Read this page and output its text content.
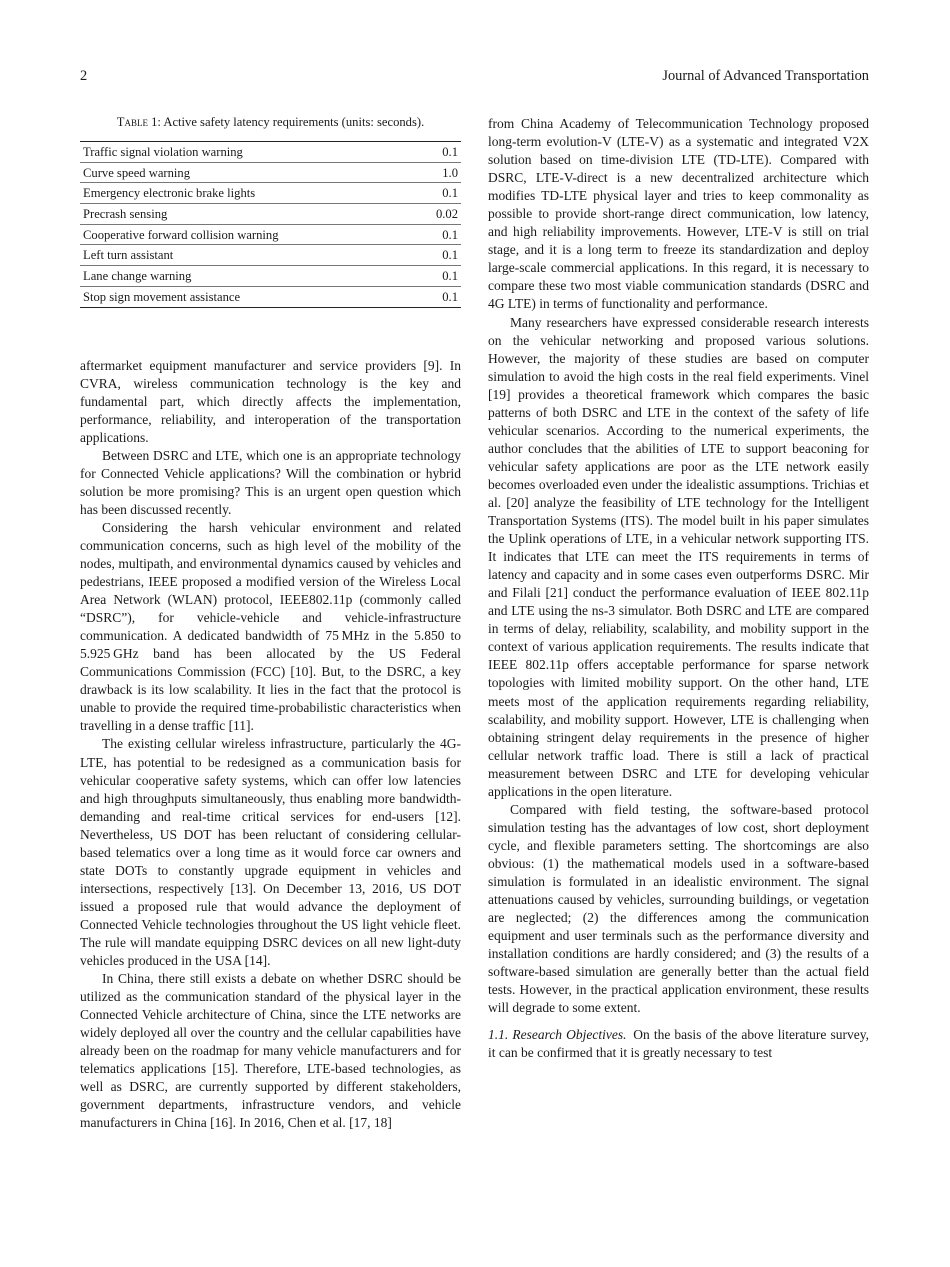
2	Journal of Advanced Transportation
Table 1: Active safety latency requirements (units: seconds).
Traffic signal violation warning	0.1
Curve speed warning	1.0
Emergency electronic brake lights	0.1
Precrash sensing	0.02
Cooperative forward collision warning	0.1
Left turn assistant	0.1
Lane change warning	0.1
Stop sign movement assistance	0.1

aftermarket equipment manufacturer and service providers [9]. In CVRA, wireless communication technology is the key and fundamental part, which directly affects the implementation, performance, reliability, and interoperation of the transportation applications.

Between DSRC and LTE, which one is an appropriate technology for Connected Vehicle applications? Will the combination or hybrid solution be more promising? This is an urgent open question which has been discussed recently.

Considering the harsh vehicular environment and related communication concerns, such as high level of the mobility of the nodes, multipath, and environmental dynamics caused by vehicles and pedestrians, IEEE proposed a modified version of the Wireless Local Area Network (WLAN) protocol, IEEE802.11p (commonly called “DSRC”), for vehicle-vehicle and vehicle-infrastructure communication. A dedicated bandwidth of 75 MHz in the 5.850 to 5.925 GHz band has been allocated by the US Federal Communications Commission (FCC) [10]. But, to the DSRC, a key drawback is its low scalability. It lies in the fact that the protocol is unable to provide the required time-probabilistic characteristics when travelling in a dense traffic [11].

The existing cellular wireless infrastructure, particularly the 4G-LTE, has potential to be redesigned as a communication basis for vehicular cooperative safety systems, which can offer low latencies and high throughputs simultaneously, thus enabling more bandwidth-demanding and real-time critical services for end-users [12]. Nevertheless, US DOT has been reluctant of considering cellular-based telematics over a long time as it would force car owners and state DOTs to constantly upgrade equipment in vehicles and intersections, respectively [13]. On December 13, 2016, US DOT issued a proposed rule that would advance the deployment of Connected Vehicle technologies throughout the US light vehicle fleet. The rule will mandate equipping DSRC devices on all new light-duty vehicles produced in the USA [14].

In China, there still exists a debate on whether DSRC should be utilized as the communication standard of the physical layer in the Connected Vehicle architecture of China, since the LTE networks are widely deployed all over the country and the cellular capabilities have already been on the roadmap for many vehicle manufacturers and for telematics applications [15]. Therefore, LTE-based technologies, as well as DSRC, are currently supported by different stakeholders, government departments, infrastructure vendors, and vehicle manufacturers in China [16]. In 2016, Chen et al. [17, 18]

from China Academy of Telecommunication Technology proposed long-term evolution-V (LTE-V) as a systematic and integrated V2X solution based on time-division LTE (TD-LTE). Compared with DSRC, LTE-V-direct is a new decentralized architecture which modifies TD-LTE physical layer and tries to keep commonality as possible to provide short-range direct communication, low latency, and high reliability improvements. However, LTE-V is still on trial stage, and it is a long term to freeze its standardization and deploy large-scale commercial applications. In this regard, it is necessary to compare these two most viable communication standards (DSRC and 4G LTE) in terms of functionality and performance.

Many researchers have expressed considerable research interests on the vehicular networking and proposed various solutions. However, the majority of these studies are based on computer simulation to avoid the high costs in the real field experiments. Vinel [19] provides a theoretical framework which compares the basic patterns of both DSRC and LTE in the context of the safety of life vehicular scenarios. According to the numerical experiments, the author concludes that the abilities of LTE to support beaconing for vehicular safety applications are poor as the LTE network easily becomes overloaded even under the idealistic assumptions. Trichias et al. [20] analyze the feasibility of LTE technology for the Intelligent Transportation Systems (ITS). The model built in his paper simulates the Uplink operations of LTE, in a vehicular network supporting ITS. It indicates that LTE can meet the ITS requirements in terms of latency and capacity and in some cases even outperforms DSRC. Mir and Filali [21] conduct the performance evaluation of IEEE 802.11p and LTE using the ns-3 simulator. Both DSRC and LTE are compared in terms of delay, reliability, scalability, and mobility support in the context of various application requirements. The results indicate that IEEE 802.11p offers acceptable performance for sparse network topologies with limited mobility support. On the other hand, LTE meets most of the application requirements regarding reliability, scalability, and mobility support. However, LTE is challenging when obtaining stringent delay requirements in the presence of higher cellular network traffic load. There is still a lack of practical measurement between DSRC and LTE for developing vehicular applications in the open literature.

Compared with field testing, the software-based protocol simulation testing has the advantages of low cost, short deployment cycle, and flexible parameters setting. The shortcomings are also obvious: (1) the mathematical models used in a software-based simulation is formulated in an idealistic environment. The signal attenuations caused by vehicles, surrounding buildings, or vegetation are neglected; (2) the differences among the communication equipment and user terminals such as the performance diversity and installation conditions are hardly considered; and (3) the results of a software-based simulation are generally better than the actual field tests. However, in the practical application environment, these results will degrade to some extent.

1.1. Research Objectives. On the basis of the above literature survey, it can be confirmed that it is greatly necessary to test
